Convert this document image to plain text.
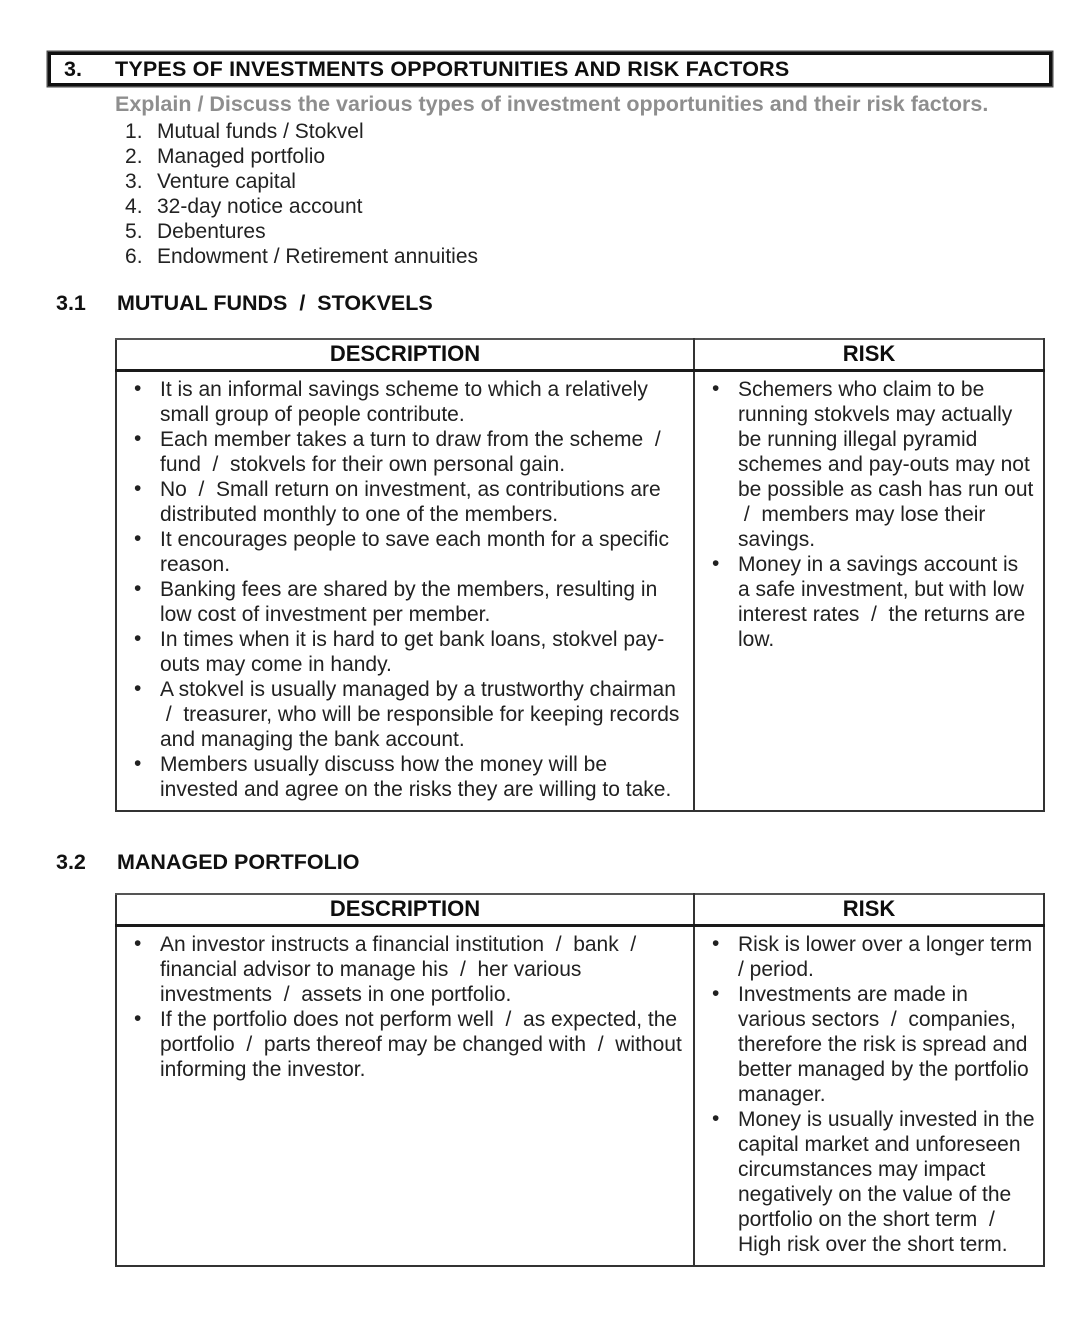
3.	TYPES OF INVESTMENTS OPPORTUNITIES AND RISK FACTORS
Explain / Discuss the various types of investment opportunities and their risk factors.
Mutual funds / Stokvel
Managed portfolio
Venture capital
32-day notice account
Debentures
Endowment / Retirement annuities
3.1	MUTUAL FUNDS  /  STOKVELS
DESCRIPTION	RISK

• It is an informal savings scheme to which a relatively small group of people contribute.
• Each member takes a turn to draw from the scheme  /  fund  /  stokvels for their own personal gain.
• No  /  Small return on investment, as contributions are distributed monthly to one of the members.
• It encourages people to save each month for a specific reason.
• Banking fees are shared by the members, resulting in low cost of investment per member.
• In times when it is hard to get bank loans, stokvel pay-outs may come in handy.
• A stokvel is usually managed by a trustworthy chairman  /  treasurer, who will be responsible for keeping records and managing the bank account.
• Members usually discuss how the money will be invested and agree on the risks they are willing to take.

• Schemers who claim to be running stokvels may actually be running illegal pyramid schemes and pay-outs may not be possible as cash has run out  /  members may lose their savings.
• Money in a savings account is a safe investment, but with low interest rates  /  the returns are low.
3.2	MANAGED PORTFOLIO
DESCRIPTION	RISK

• An investor instructs a financial institution  /  bank  /  financial advisor to manage his  /  her various investments  /  assets in one portfolio.
• If the portfolio does not perform well  /  as expected, the portfolio  /  parts thereof may be changed with  /  without informing the investor.

• Risk is lower over a longer term / period.
• Investments are made in various sectors  /  companies, therefore the risk is spread and better managed by the portfolio manager.
• Money is usually invested in the capital market and unforeseen circumstances may impact negatively on the value of the portfolio on the short term  /  High risk over the short term.
